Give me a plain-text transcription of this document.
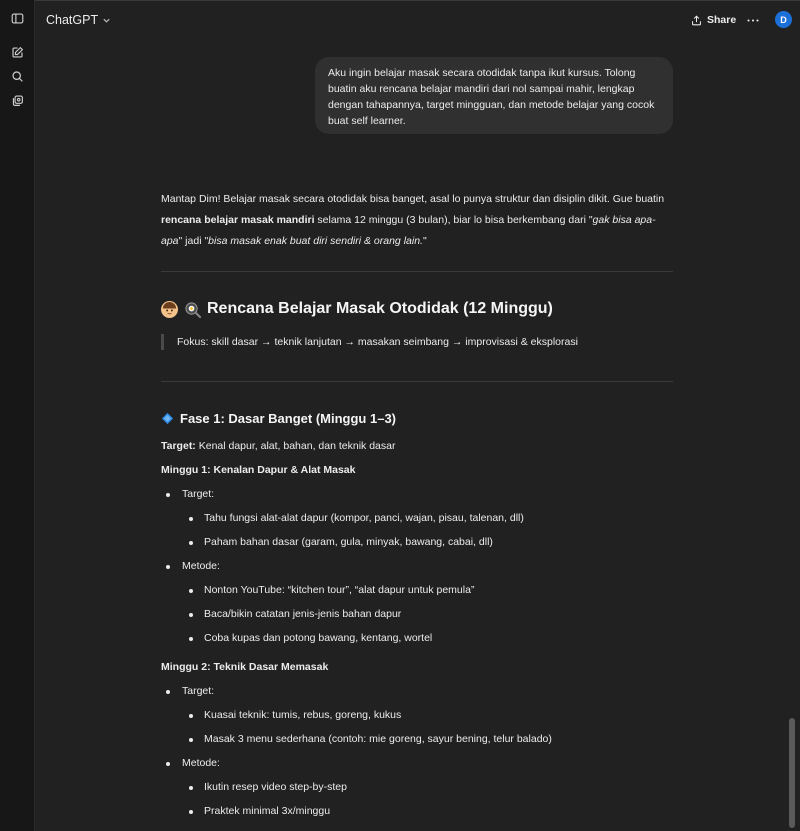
ChatGPT	Share	D
Aku ingin belajar masak secara otodidak tanpa ikut kursus. Tolong buatin aku rencana belajar mandiri dari nol sampai mahir, lengkap dengan tahapannya, target mingguan, dan metode belajar yang cocok buat self learner.
Mantap Dim! Belajar masak secara otodidak bisa banget, asal lo punya struktur dan disiplin dikit. Gue buatin rencana belajar masak mandiri selama 12 minggu (3 bulan), biar lo bisa berkembang dari "gak bisa apa-apa" jadi "bisa masak enak buat diri sendiri & orang lain."
Rencana Belajar Masak Otodidak (12 Minggu)
Fokus: skill dasar → teknik lanjutan → masakan seimbang → improvisasi & eksplorasi
Fase 1: Dasar Banget (Minggu 1–3)
Target: Kenal dapur, alat, bahan, dan teknik dasar
Minggu 1: Kenalan Dapur & Alat Masak
Target:
Tahu fungsi alat-alat dapur (kompor, panci, wajan, pisau, talenan, dll)
Paham bahan dasar (garam, gula, minyak, bawang, cabai, dll)
Metode:
Nonton YouTube: “kitchen tour”, “alat dapur untuk pemula”
Baca/bikin catatan jenis-jenis bahan dapur
Coba kupas dan potong bawang, kentang, wortel
Minggu 2: Teknik Dasar Memasak
Target:
Kuasai teknik: tumis, rebus, goreng, kukus
Masak 3 menu sederhana (contoh: mie goreng, sayur bening, telur balado)
Metode:
Ikutin resep video step-by-step
Praktek minimal 3x/minggu
